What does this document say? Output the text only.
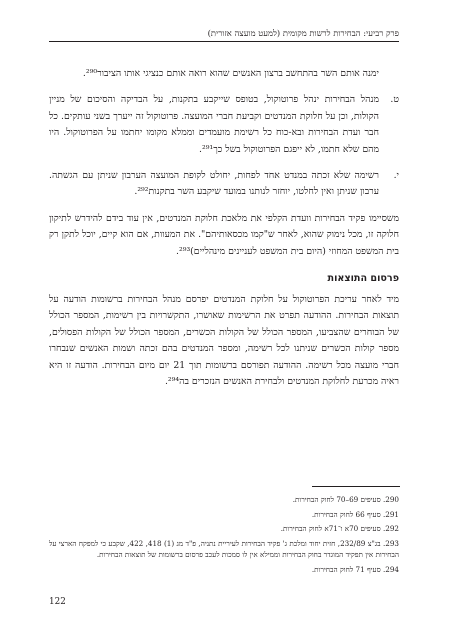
פרק רביעי: הבחירות לרשות מקומית (למעט מועצה אזורית)

ימנה אותם השר בהתחשב ברצון האנשים שהוא רואה אותם כנציגי אותו הציבור²⁹⁰.

ט.

מנהל הבחירות ינהל פרוטוקול, בטופס שייקבע בתקנות, על הבדיקה והסיכום של מניין הקולות, וכן על חלוקת המנדטים וקביעת חברי המועצה. פרוטוקול זה ייערך בשני עותקים. כל חבר ועדת הבחירות ובא-כוח כל רשימת מועמדים וממלא מקומו יחתמו על הפרוטוקול. היו מהם שלא חתמו, לא ייפגם הפרוטוקול בשל כך²⁹¹.

י.

רשימה שלא זכתה במנדט אחד לפחות, יחולט לקופת המועצה הערבון שניתן עם הגשתה. ערבון שניתן ואין לחלטו, יוחזר לנותנו במועד שיקבע השר בתקנות²⁹².

משסיימו פקיד הבחירות וועדת הקלפי את מלאכת חלוקת המנדטים, אין עוד בידם להידרש לתיקון חלוקה זו, מכל נימוק שהוא, לאחר ש"קמו מכסאותיהם". את המעוות, אם הוא קיים, יוכל לתקן רק בית המשפט המחוזי (היום בית המשפט לעניינים מינהליים)²⁹³.

פרסום התוצאות

מיד לאחר עריכת הפרוטוקול על חלוקת המנדטים יפרסם מנהל הבחירות ברשומות הודעה על תוצאות הבחירות. ההודעה תפרט את הרשימות שאושרו, התקשרויות בין רשימות, המספר הכולל של הבוחרים שהצביעו, המספר הכולל של הקולות הכשרים, המספר הכולל של הקולות הפסולים, מספר קולות הכשרים שניתנו לכל רשימה, ומספר המנדטים בהם זכתה ושמות האנשים שנבחרו חברי מועצה מכל רשימה. ההודעה תפורסם ברשומות תוך 21 יום מיום הבחירות. הודעה זו היא ראיה מכרעת לחלוקת המנדטים ולבחירת האנשים הנזכרים בה²⁹⁴.

290. סעיפים 69–70 לחוק הבחירות.

291. סעיף 66 לחוק הבחירות.

292. סעיפים 70א ו־71א לחוק הבחירות.

293. בג"צ 232/89, חזית יחוד ומלכת ג' פקיד הבחירות לעיריית נתניה, פ"ד מג (1) 418, 422, שקבע כי למפקח הארצי על הבחירות אין תפקיד המוגדר בחוק הבחירות וממילא אין לו סמכות לעכב פרסום ברשומות של תוצאות הבחירות.

294. סעיף 71 לחוק הבחירות.

122
